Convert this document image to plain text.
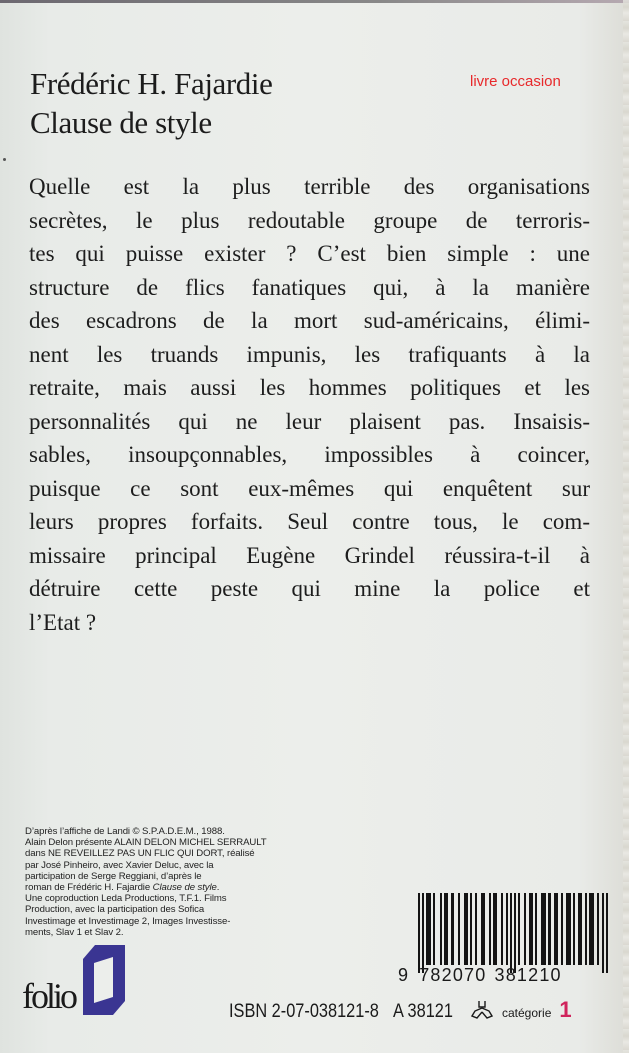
Frédéric H. Fajardie
Clause de style
livre occasion
Quelle est la plus terrible des organisations
secrètes, le plus redoutable groupe de terroris-
tes qui puisse exister ? C’est bien simple : une
structure de flics fanatiques qui, à la manière
des escadrons de la mort sud-américains, élimi-
nent les truands impunis, les trafiquants à la
retraite, mais aussi les hommes politiques et les
personnalités qui ne leur plaisent pas. Insaisis-
sables, insoupçonnables, impossibles à coincer,
puisque ce sont eux-mêmes qui enquêtent sur
leurs propres forfaits. Seul contre tous, le com-
missaire principal Eugène Grindel réussira-t-il à
détruire cette peste qui mine la police et
l’Etat ?
D’après l’affiche de Landi © S.P.A.D.E.M., 1988.
Alain Delon présente ALAIN DELON MICHEL SERRAULT
dans NE REVEILLEZ PAS UN FLIC QUI DORT, réalisé
par José Pinheiro, avec Xavier Deluc, avec la
participation de Serge Reggiani, d’après le
roman de Frédéric H. Fajardie Clause de style.
Une coproduction Leda Productions, T.F.1. Films
Production, avec la participation des Sofica
Investimage et Investimage 2, Images Investisse-
ments, Slav 1 et Slav 2.
folio
9 782070 381210
ISBN 2-07-038121-8 A 38121	catégorie 1
